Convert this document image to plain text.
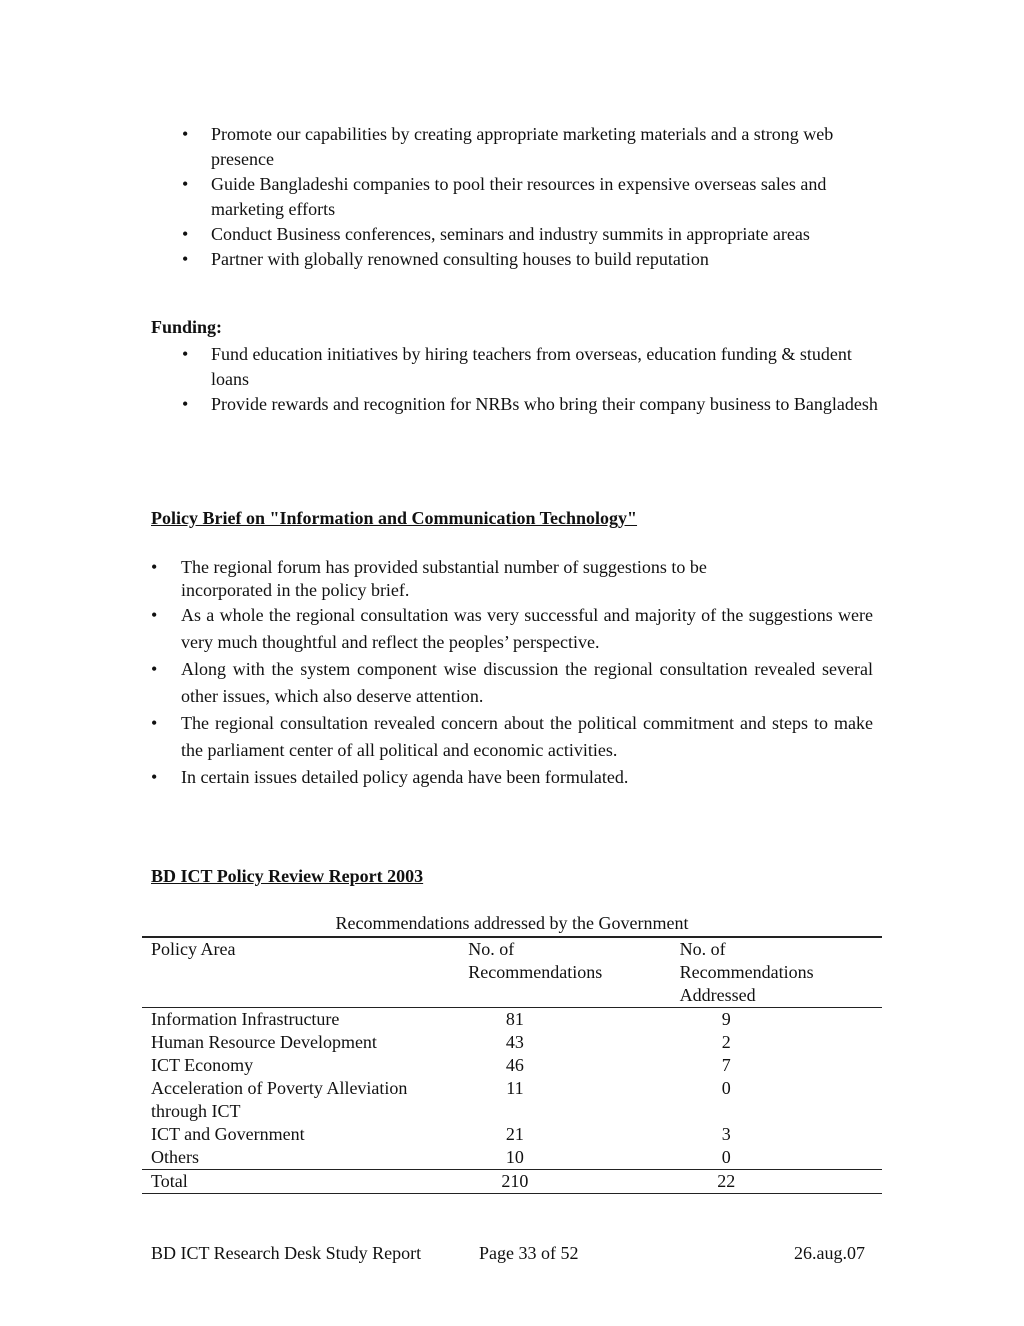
• Promote our capabilities by creating appropriate marketing materials and a strong web presence
• Guide Bangladeshi companies to pool their resources in expensive overseas sales and marketing efforts
• Conduct Business conferences, seminars and industry summits in appropriate areas
• Partner with globally renowned consulting houses to build reputation
Funding:
• Fund education initiatives by hiring teachers from overseas, education funding & student loans
• Provide rewards and recognition for NRBs who bring their company business to Bangladesh
Policy Brief on "Information and Communication Technology"
• The regional forum has provided substantial number of suggestions to be incorporated in the policy brief.
• As a whole the regional consultation was very successful and majority of the suggestions were very much thoughtful and reflect the peoples’ perspective.
• Along with the system component wise discussion the regional consultation revealed several other issues, which also deserve attention.
• The regional consultation revealed concern about the political commitment and steps to make the parliament center of all political and economic activities.
• In certain issues detailed policy agenda have been formulated.
BD ICT Policy Review Report 2003
Recommendations addressed by the Government
Policy Area	No. of Recommendations	No. of Recommendations Addressed
Information Infrastructure	81	9
Human Resource Development	43	2
ICT Economy	46	7
Acceleration of Poverty Alleviation through ICT	11	0
ICT and Government	21	3
Others	10	0
Total	210	22
BD ICT Research Desk Study Report	Page 33 of 52	26.aug.07
